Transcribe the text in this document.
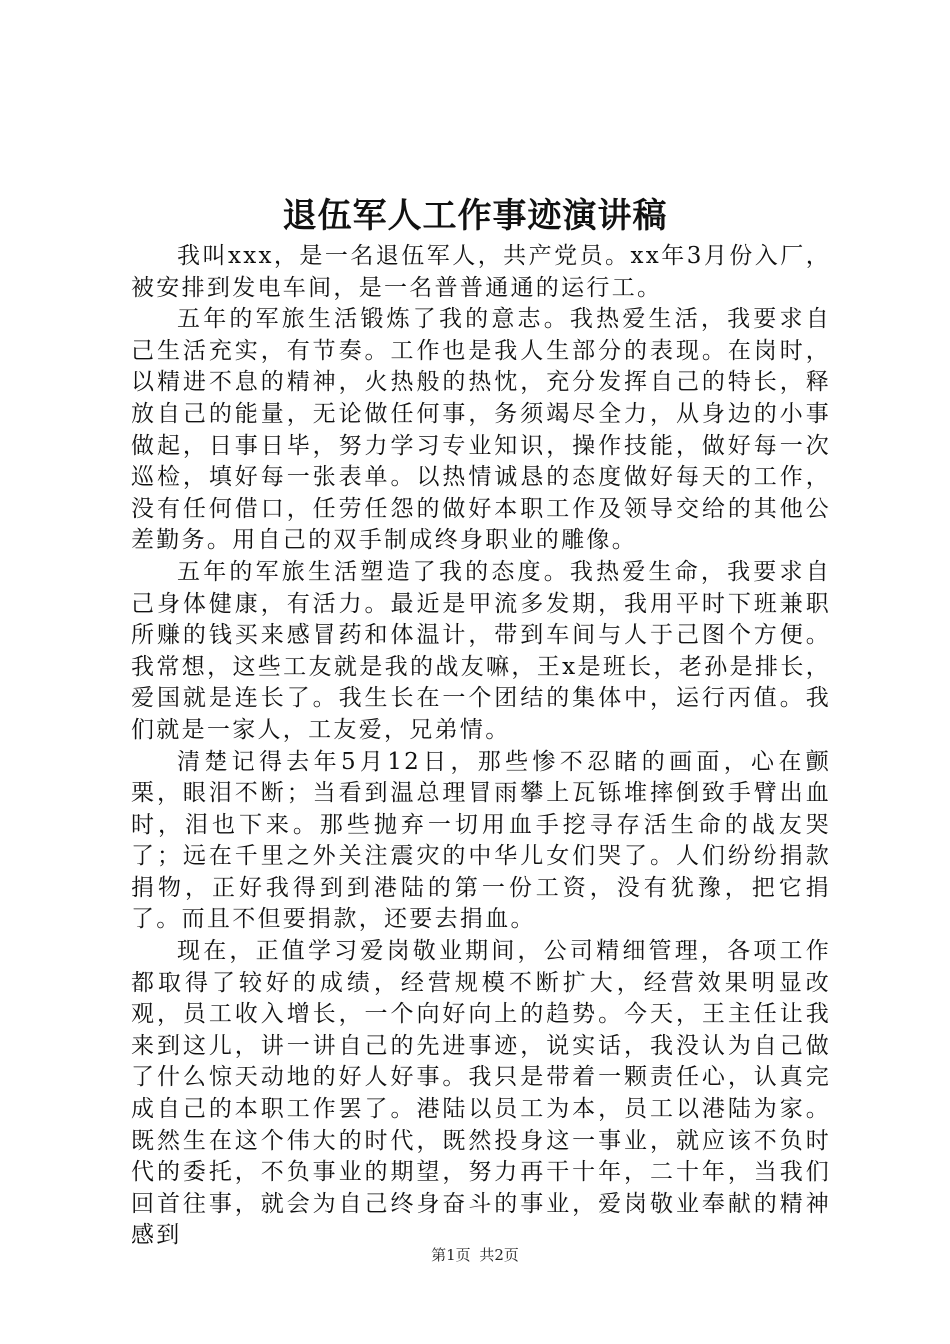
退伍军人工作事迹演讲稿

我叫xxx，是一名退伍军人，共产党员。xx年3月份入厂，被安排到发电车间，是一名普普通通的运行工。

五年的军旅生活锻炼了我的意志。我热爱生活，我要求自己生活充实，有节奏。工作也是我人生部分的表现。在岗时，以精进不息的精神，火热般的热忱，充分发挥自己的特长，释放自己的能量，无论做任何事，务须竭尽全力，从身边的小事做起，日事日毕，努力学习专业知识，操作技能，做好每一次巡检，填好每一张表单。以热情诚恳的态度做好每天的工作，没有任何借口，任劳任怨的做好本职工作及领导交给的其他公差勤务。用自己的双手制成终身职业的雕像。

五年的军旅生活塑造了我的态度。我热爱生命，我要求自己身体健康，有活力。最近是甲流多发期，我用平时下班兼职所赚的钱买来感冒药和体温计，带到车间与人于己图个方便。我常想，这些工友就是我的战友嘛，王x是班长，老孙是排长，爱国就是连长了。我生长在一个团结的集体中，运行丙值。我们就是一家人，工友爱，兄弟情。

清楚记得去年5月12日，那些惨不忍睹的画面，心在颤栗，眼泪不断；当看到温总理冒雨攀上瓦铄堆摔倒致手臂出血时，泪也下来。那些抛弃一切用血手挖寻存活生命的战友哭了；远在千里之外关注震灾的中华儿女们哭了。人们纷纷捐款捐物，正好我得到到港陆的第一份工资，没有犹豫，把它捐了。而且不但要捐款，还要去捐血。

现在，正值学习爱岗敬业期间，公司精细管理，各项工作都取得了较好的成绩，经营规模不断扩大，经营效果明显改观，员工收入增长，一个向好向上的趋势。今天，王主任让我来到这儿，讲一讲自己的先进事迹，说实话，我没认为自己做了什么惊天动地的好人好事。我只是带着一颗责任心，认真完成自己的本职工作罢了。港陆以员工为本，员工以港陆为家。既然生在这个伟大的时代，既然投身这一事业，就应该不负时代的委托，不负事业的期望，努力再干十年，二十年，当我们回首往事，就会为自己终身奋斗的事业，爱岗敬业奉献的精神感到

第1页 共2页
